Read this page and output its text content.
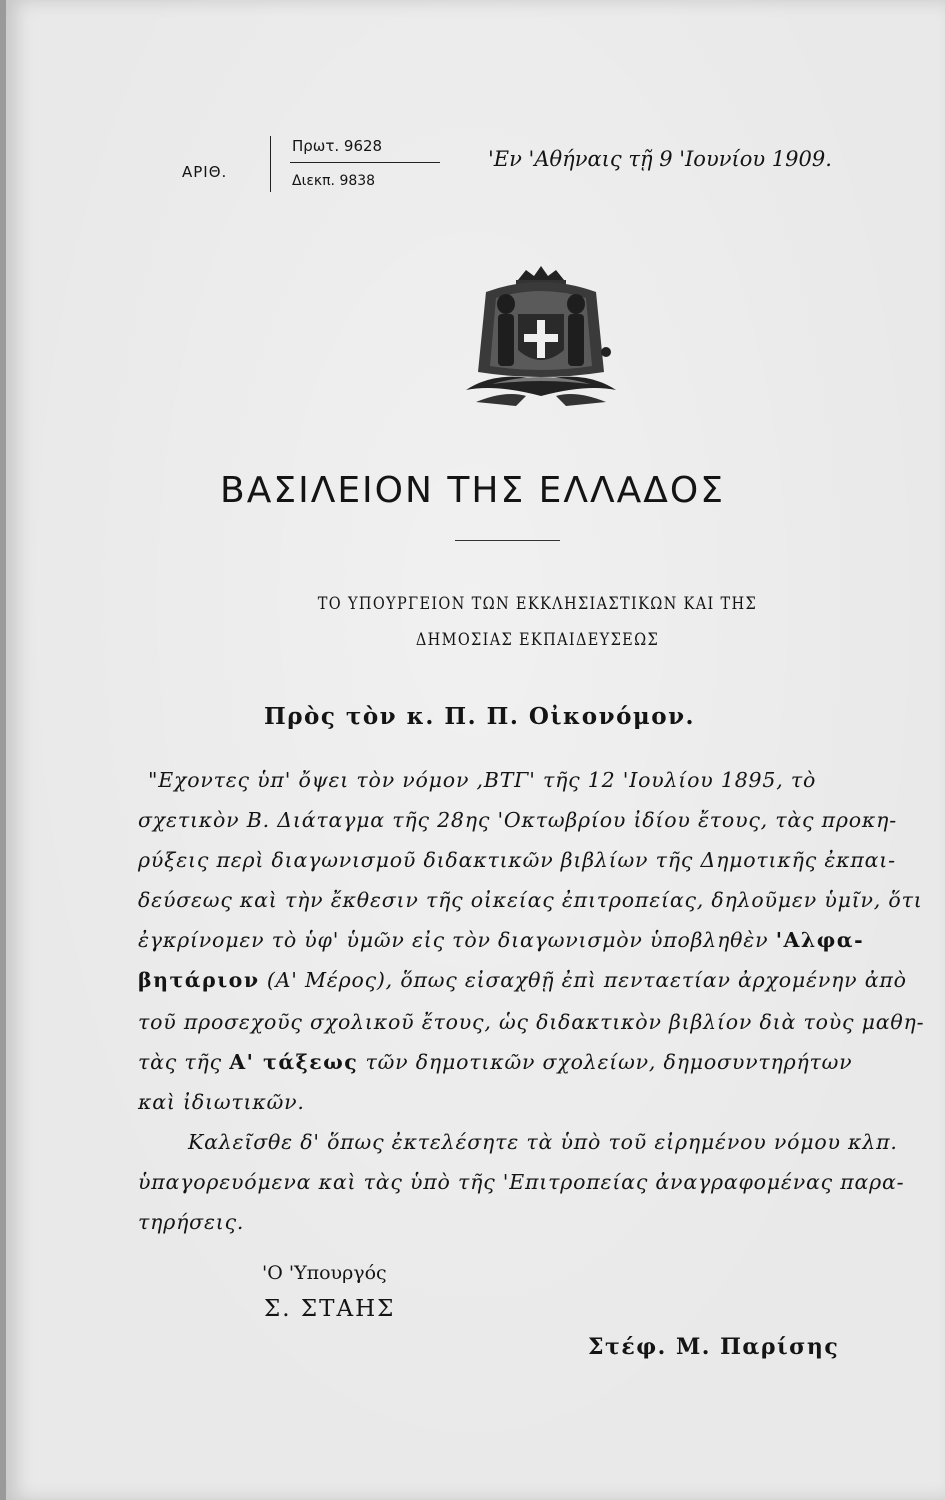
ΑΡΙΘ.
Πρωτ. 9628
Διεκπ. 9838
'Εν 'Αθήναις τῇ 9 'Ιουνίου 1909.
ΒΑΣΙΛΕΙΟΝ ΤΗΣ ΕΛΛΑΔΟΣ
ΤΟ ΥΠΟΥΡΓΕΙΟΝ ΤΩΝ ΕΚΚΛΗΣΙΑΣΤΙΚΩΝ ΚΑΙ ΤΗΣ
ΔΗΜΟΣΙΑΣ ΕΚΠΑΙΔΕΥΣΕΩΣ
Πρὸς τὸν κ. Π. Π. Οἰκονόμον.
"Εχοντες ὑπ' ὄψει τὸν νόμον ,ΒΤΓ' τῆς 12 'Ιουλίου 1895, τὸ
σχετικὸν Β. Διάταγμα τῆς 28ης 'Οκτωβρίου ἰδίου ἔτους, τὰς προκη-
ρύξεις περὶ διαγωνισμοῦ διδακτικῶν βιβλίων τῆς Δημοτικῆς ἐκπαι-
δεύσεως καὶ τὴν ἔκθεσιν τῆς οἰκείας ἐπιτροπείας, δηλοῦμεν ὑμῖν, ὅτι
ἐγκρίνομεν τὸ ὑφ' ὑμῶν εἰς τὸν διαγωνισμὸν ὑποβληθὲν 'Αλφα-
βητάριον (Α' Μέρος), ὅπως εἰσαχθῇ ἐπὶ πενταετίαν ἀρχομένην ἀπὸ
τοῦ προσεχοῦς σχολικοῦ ἔτους, ὡς διδακτικὸν βιβλίον διὰ τοὺς μαθη-
τὰς τῆς Α' τάξεως τῶν δημοτικῶν σχολείων, δημοσυντηρήτων
καὶ ἰδιωτικῶν.
Καλεῖσθε δ' ὅπως ἐκτελέσητε τὰ ὑπὸ τοῦ εἰρημένου νόμου κλπ.
ὑπαγορευόμενα καὶ τὰς ὑπὸ τῆς 'Επιτροπείας ἀναγραφομένας παρα-
τηρήσεις.
'Ο 'Υπουργός
Σ. ΣΤΑΗΣ
Στέφ. Μ. Παρίσης
